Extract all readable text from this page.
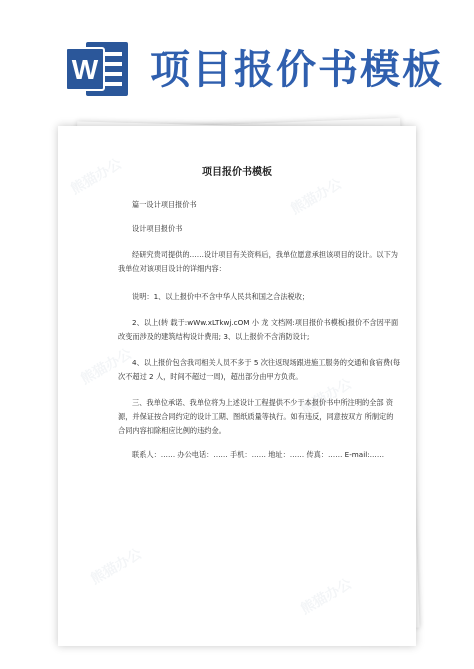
W 项目报价书模板
熊猫办公	熊猫办公
熊猫办公
熊猫办公
熊猫办公
熊猫办公
项目报价书模板
篇一设计项目报价书
设计项目报价书
经研究贵司提供的……设计项目有关资料后，我单位愿意承担该项目的设计。以下为
我单位对该项目设计的详细内容：
说明：1、以上报价中不含中华人民共和国之合法税收；
2、以上(转 载于:wWw.xLTkwj.cOM 小 龙 文档网:项目报价书模板)报价不含因平面
改变而涉及的建筑结构设计费用; 3、以上报价不含消防设计;
4、以上报价包含我司相关人员不多于 5 次往返现场跟进施工服务的交通和食宿费(每
次不超过 2 人，时间不超过一周)，超出部分由甲方负责。
三、我单位承诺、我单位将为上述设计工程提供不少于本报价书中所注明的全部 资
源，并保证按合同约定的设计工期、图纸质量等执行。如有违反，同意按双方 所制定的
合同内容扣除相应比例的违约金。
联系人：…… 办公电话：…… 手机：…… 地址：…… 传真：…… E-mail:……
